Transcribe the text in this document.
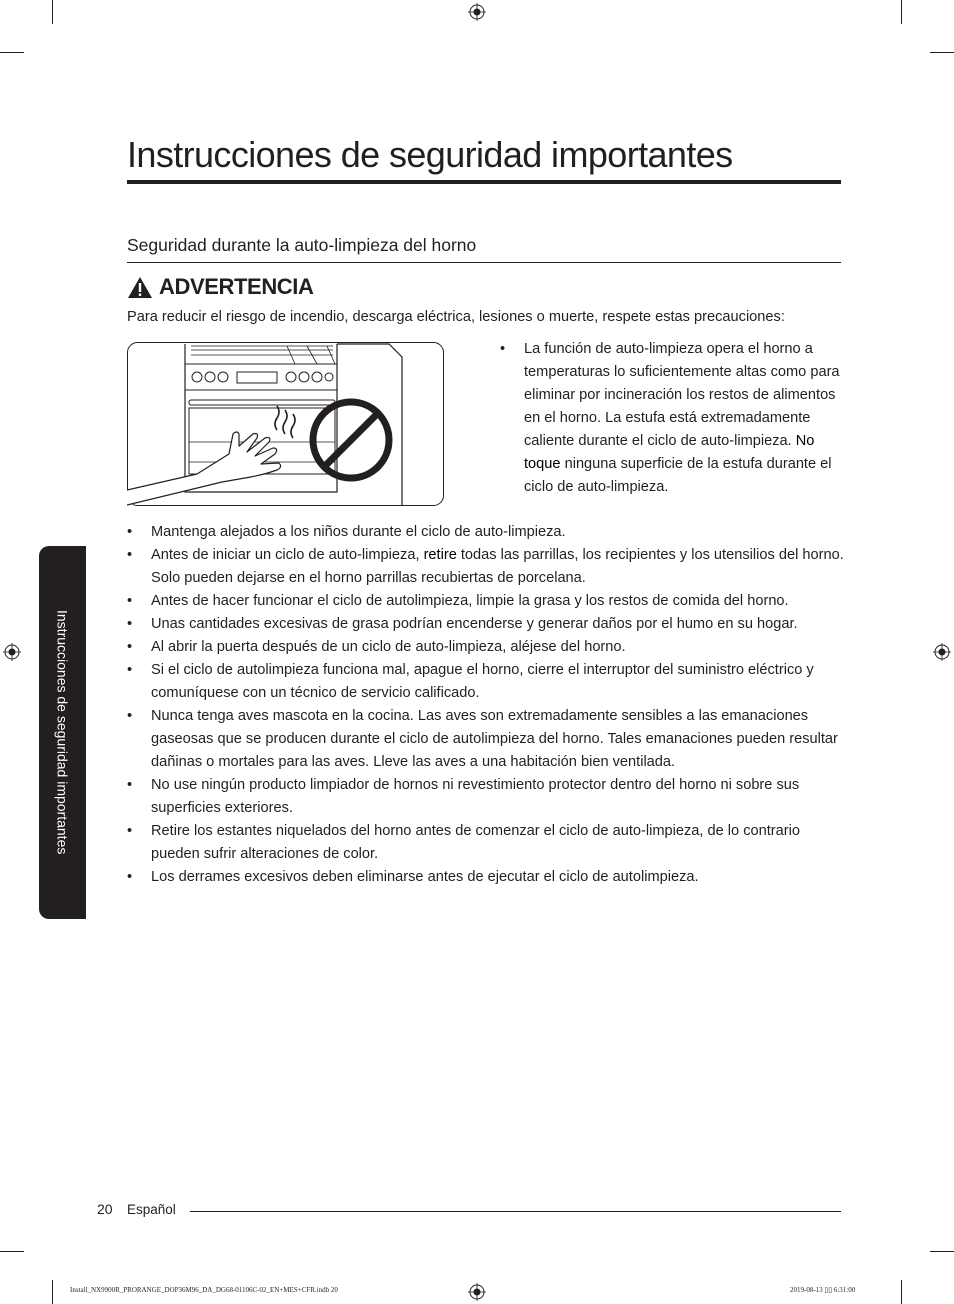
Instrucciones de seguridad importantes
Seguridad durante la auto-limpieza del horno
ADVERTENCIA
Para reducir el riesgo de incendio, descarga eléctrica, lesiones o muerte, respete estas precauciones:
• La función de auto-limpieza opera el horno a temperaturas lo suficientemente altas como para eliminar por incineración los restos de alimentos en el horno. La estufa está extremadamente caliente durante el ciclo de auto-limpieza. No toque ninguna superficie de la estufa durante el ciclo de auto-limpieza.
• Mantenga alejados a los niños durante el ciclo de auto-limpieza.
• Antes de iniciar un ciclo de auto-limpieza, retire todas las parrillas, los recipientes y los utensilios del horno. Solo pueden dejarse en el horno parrillas recubiertas de porcelana.
• Antes de hacer funcionar el ciclo de autolimpieza, limpie la grasa y los restos de comida del horno.
• Unas cantidades excesivas de grasa podrían encenderse y generar daños por el humo en su hogar.
• Al abrir la puerta después de un ciclo de auto-limpieza, aléjese del horno.
• Si el ciclo de autolimpieza funciona mal, apague el horno, cierre el interruptor del suministro eléctrico y comuníquese con un técnico de servicio calificado.
• Nunca tenga aves mascota en la cocina. Las aves son extremadamente sensibles a las emanaciones gaseosas que se producen durante el ciclo de autolimpieza del horno. Tales emanaciones pueden resultar dañinas o mortales para las aves. Lleve las aves a una habitación bien ventilada.
• No use ningún producto limpiador de hornos ni revestimiento protector dentro del horno ni sobre sus superficies exteriores.
• Retire los estantes niquelados del horno antes de comenzar el ciclo de auto-limpieza, de lo contrario pueden sufrir alteraciones de color.
• Los derrames excesivos deben eliminarse antes de ejecutar el ciclo de autolimpieza.
Instrucciones de seguridad importantes
20 Español
Install_NX9900R_PRORANGE_DOP36M96_DA_DG68-01106C-02_EN+MES+CFR.indb 20	2019-08-13 ▯▯ 6:31:00
